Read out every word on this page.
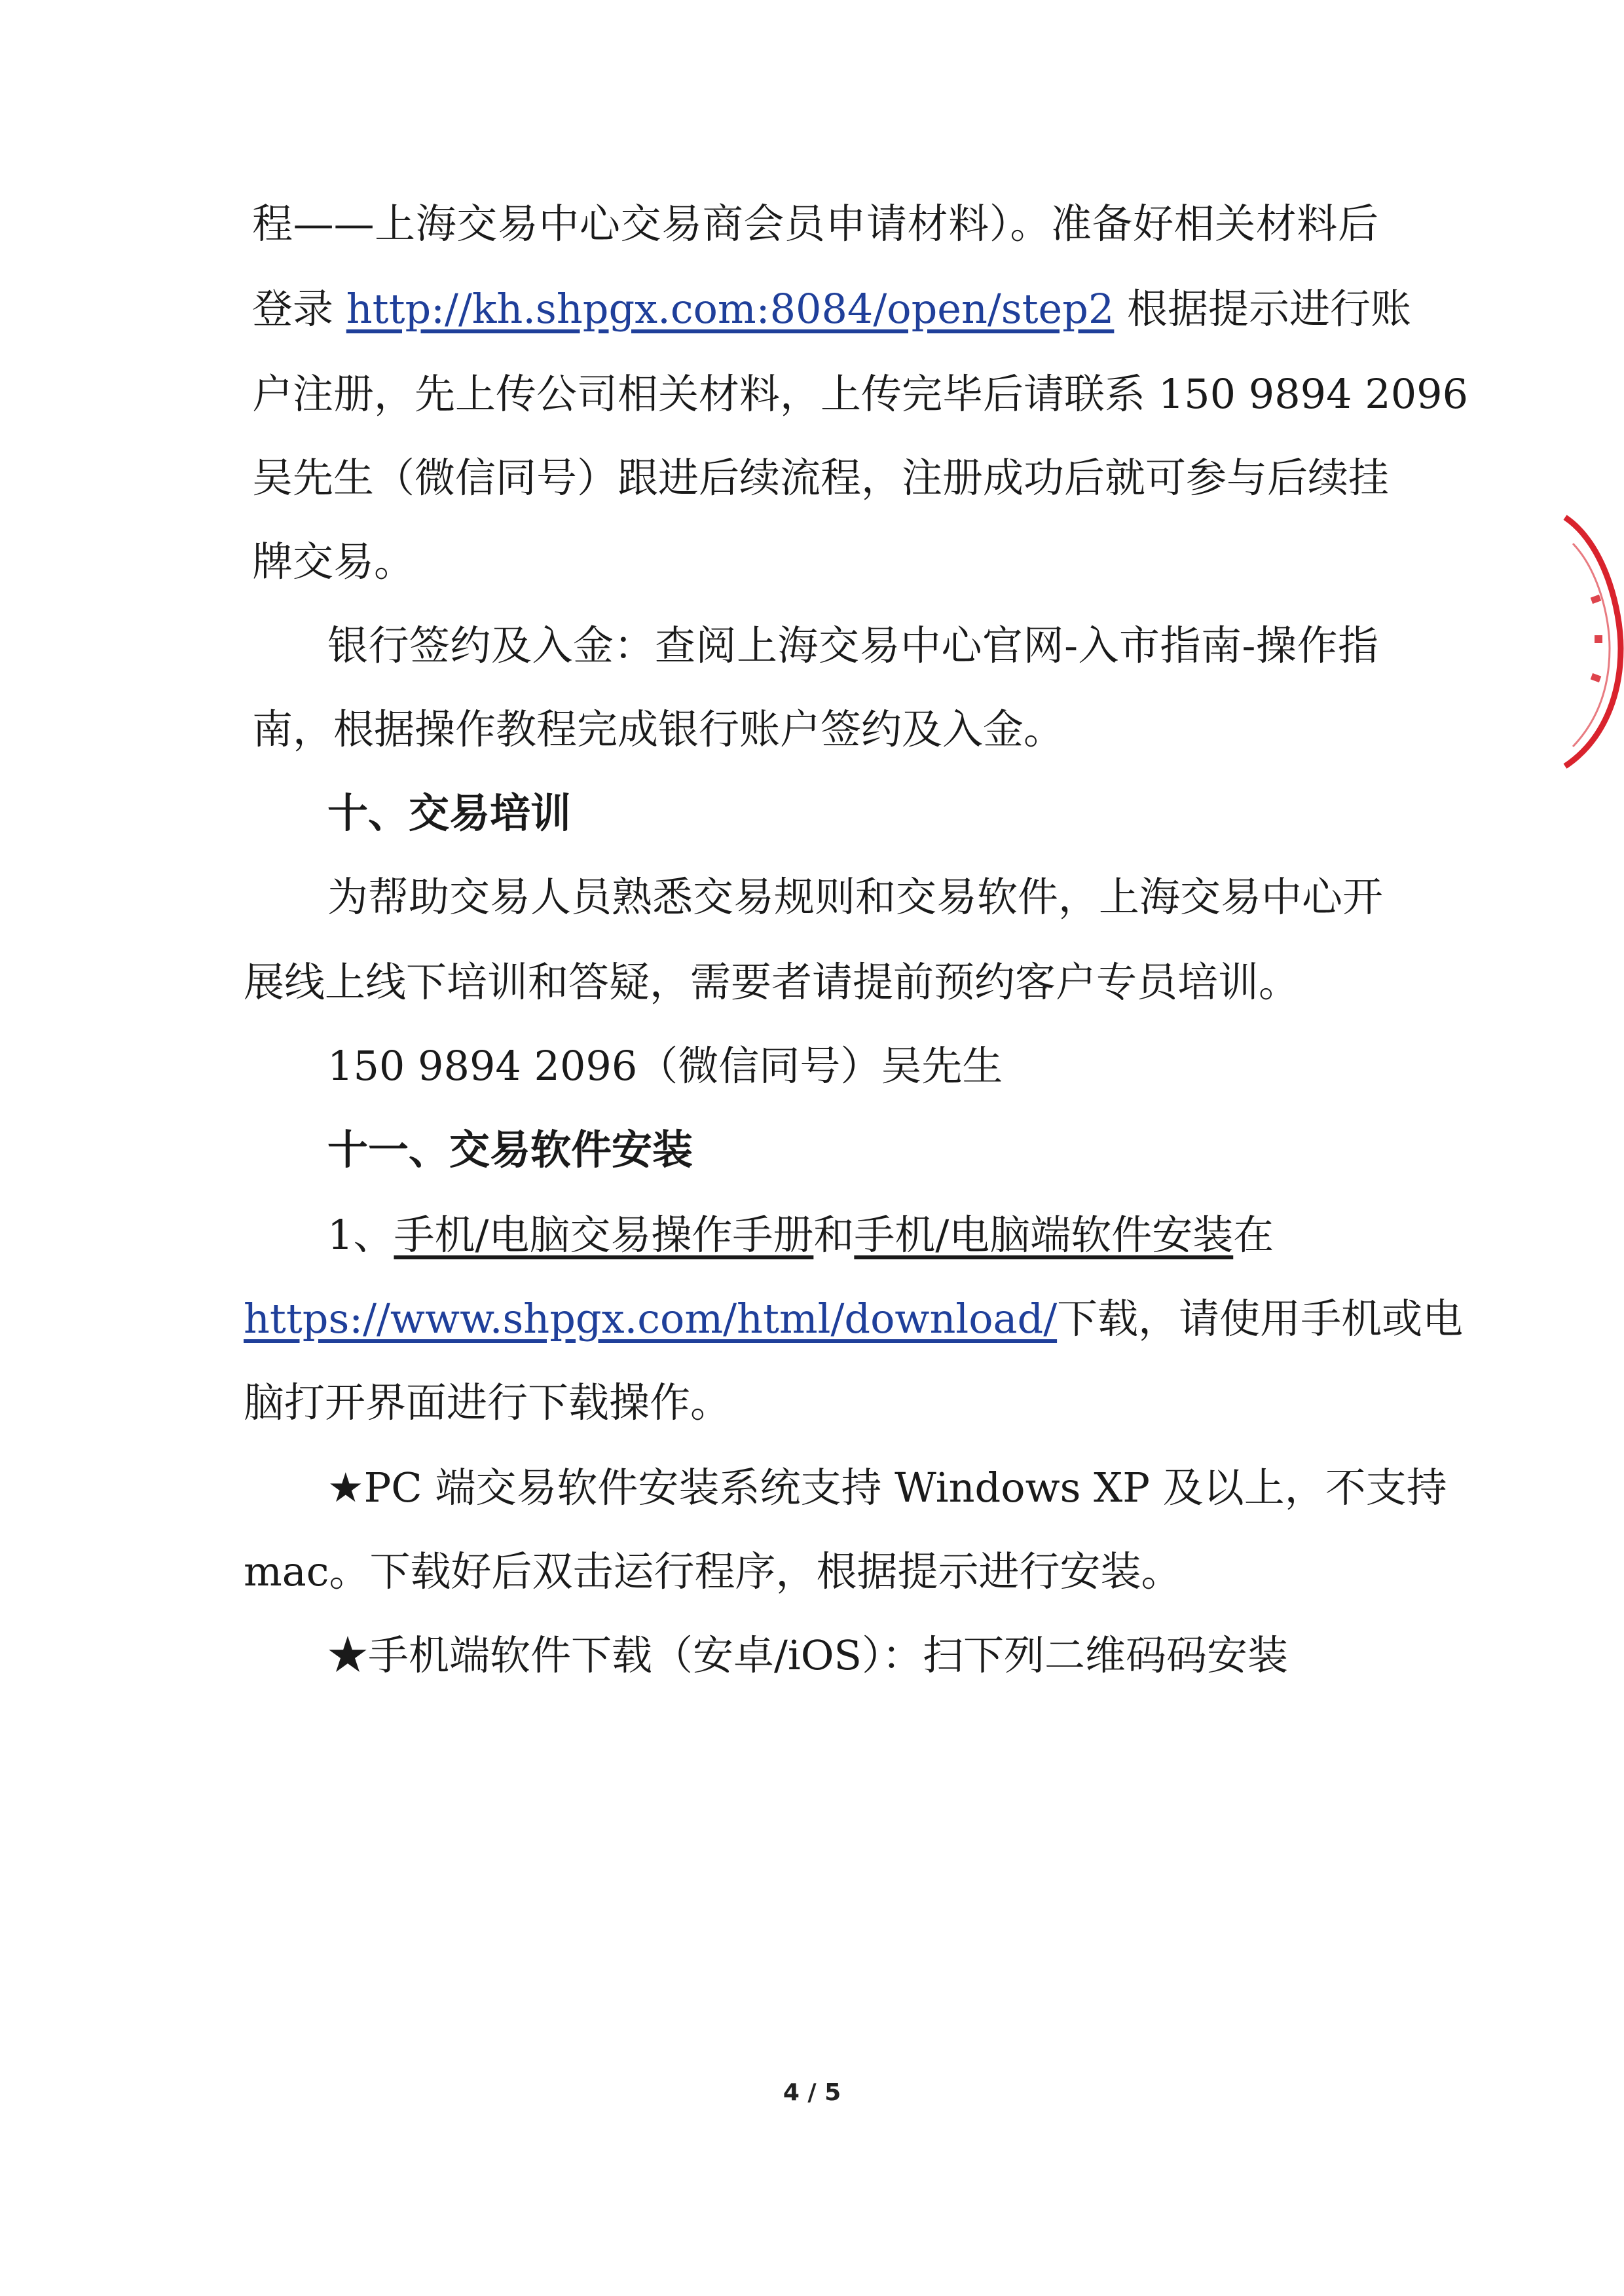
程——上海交易中心交易商会员申请材料）。准备好相关材料后
登录 http://kh.shpgx.com:8084/open/step2 根据提示进行账
户注册，先上传公司相关材料，上传完毕后请联系 150 9894 2096
吴先生（微信同号）跟进后续流程，注册成功后就可参与后续挂
牌交易。
银行签约及入金：查阅上海交易中心官网-入市指南-操作指
南，根据操作教程完成银行账户签约及入金。
十、交易培训
为帮助交易人员熟悉交易规则和交易软件，上海交易中心开
展线上线下培训和答疑，需要者请提前预约客户专员培训。
150 9894 2096（微信同号）吴先生
十一、交易软件安装
1、手机/电脑交易操作手册和手机/电脑端软件安装在
https://www.shpgx.com/html/download/下载，请使用手机或电
脑打开界面进行下载操作。
★PC 端交易软件安装系统支持 Windows XP 及以上，不支持
mac。下载好后双击运行程序，根据提示进行安装。
★手机端软件下载（安卓/iOS）：扫下列二维码码安装
4 / 5
